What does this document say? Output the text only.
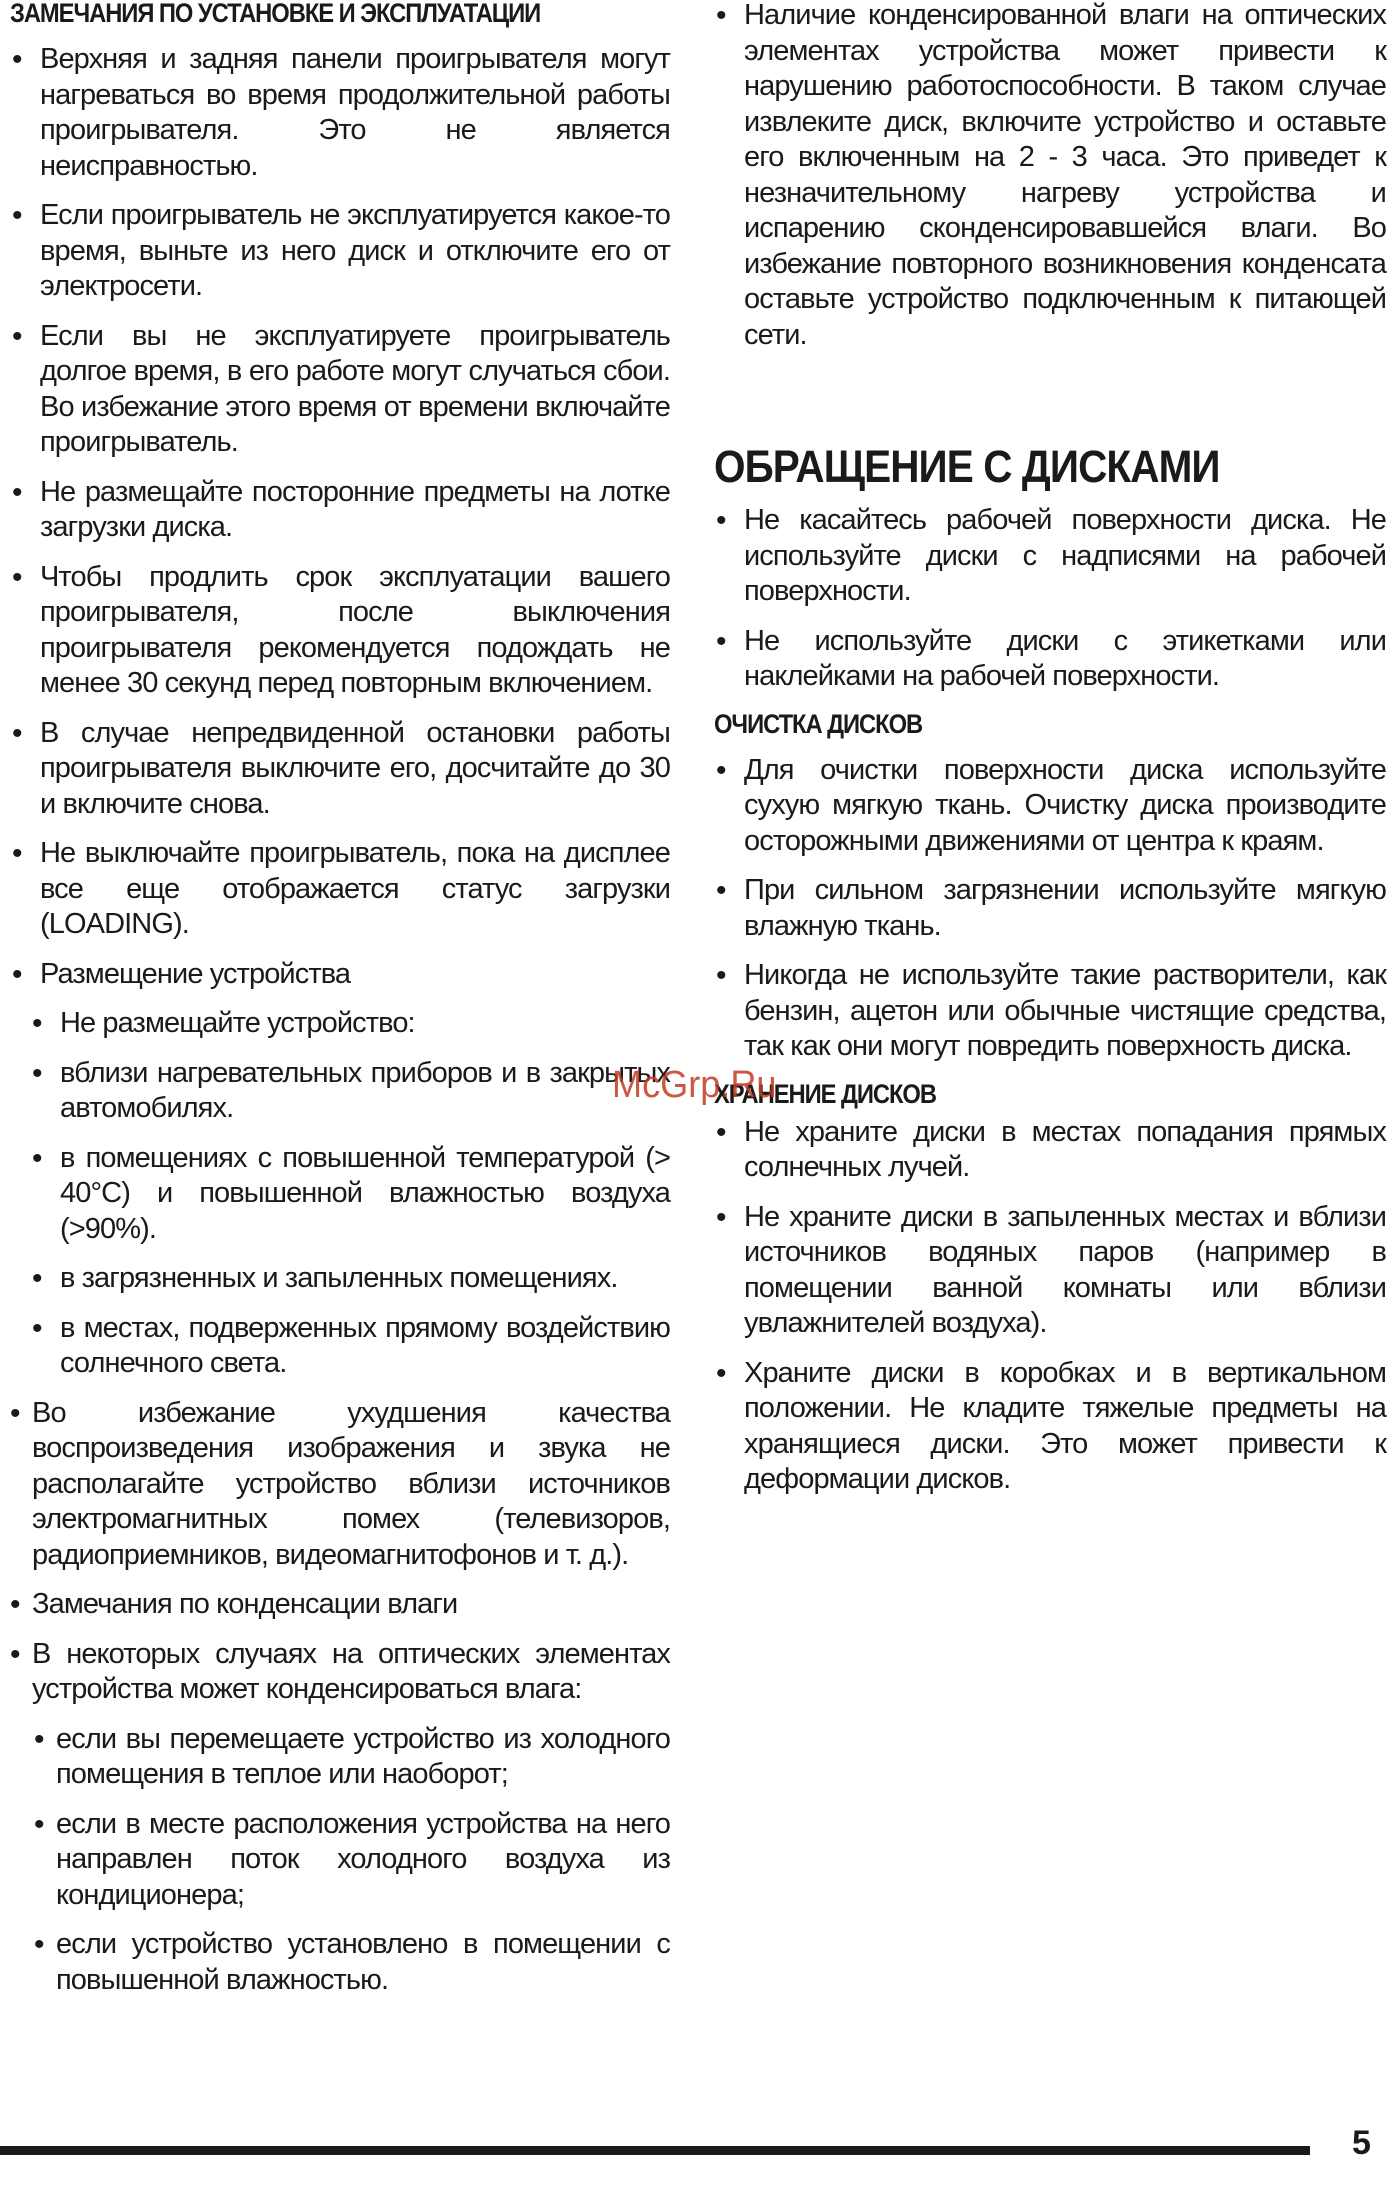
ЗАМЕЧАНИЯ ПО УСТАНОВКЕ И ЭКСПЛУАТАЦИИ
• Верхняя и задняя панели проигрывателя могут нагреваться во время продолжительной работы проигрывателя. Это не является неисправностью.
• Если проигрыватель не эксплуатируется какое-то время, выньте из него диск и отключите его от электросети.
• Если вы не эксплуатируете проигрыватель долгое время, в его работе могут случаться сбои. Во избежание этого время от времени включайте проигрыватель.
• Не размещайте посторонние предметы на лотке загрузки диска.
• Чтобы продлить срок эксплуатации вашего проигрывателя, после выключения проигрывателя рекомендуется подождать не менее 30 секунд перед повторным включением.
• В случае непредвиденной остановки работы проигрывателя выключите его, досчитайте до 30 и включите снова.
• Не выключайте проигрыватель, пока на дисплее все еще отображается статус загрузки (LOADING).
• Размещение устройства
• Не размещайте устройство:
• вблизи нагревательных приборов и в закрытых автомобилях.
• в помещениях с повышенной температурой (> 40°C) и повышенной влажностью воздуха (>90%).
• в загрязненных и запыленных помещениях.
• в местах, подверженных прямому воздействию солнечного света.
• Во избежание ухудшения качества воспроизведения изображения и звука не располагайте устройство вблизи источников электромагнитных помех (телевизоров, радиоприемников, видеомагнитофонов и т. д.).
• Замечания по конденсации влаги
• В некоторых случаях на оптических элементах устройства может конденсироваться влага:
• если вы перемещаете устройство из холодного помещения в теплое или наоборот;
• если в месте расположения устройства на него направлен поток холодного воздуха из кондиционера;
• если устройство установлено в помещении с повышенной влажностью.
• Наличие конденсированной влаги на оптических элементах устройства может привести к нарушению работоспособности. В таком случае извлеките диск, включите устройство и оставьте его включенным на 2 - 3 часа. Это приведет к незначительному нагреву устройства и испарению сконденсировавшейся влаги. Во избежание повторного возникновения конденсата оставьте устройство подключенным к питающей сети.
ОБРАЩЕНИЕ С ДИСКАМИ
• Не касайтесь рабочей поверхности диска. Не используйте диски с надписями на рабочей поверхности.
• Не используйте диски с этикетками или наклейками на рабочей поверхности.
ОЧИСТКА ДИСКОВ
• Для очистки поверхности диска используйте сухую мягкую ткань. Очистку диска производите осторожными движениями от центра к краям.
• При сильном загрязнении используйте мягкую влажную ткань.
• Никогда не используйте такие растворители, как бензин, ацетон или обычные чистящие средства, так как они могут повредить поверхность диска.
ХРАНЕНИЕ ДИСКОВ
• Не храните диски в местах попадания прямых солнечных лучей.
• Не храните диски в запыленных местах и вблизи источников водяных паров (например в помещении ванной комнаты или вблизи увлажнителей воздуха).
• Храните диски в коробках и в вертикальном положении. Не кладите тяжелые предметы на хранящиеся диски. Это может привести к деформации дисков.
McGrp.Ru
5
